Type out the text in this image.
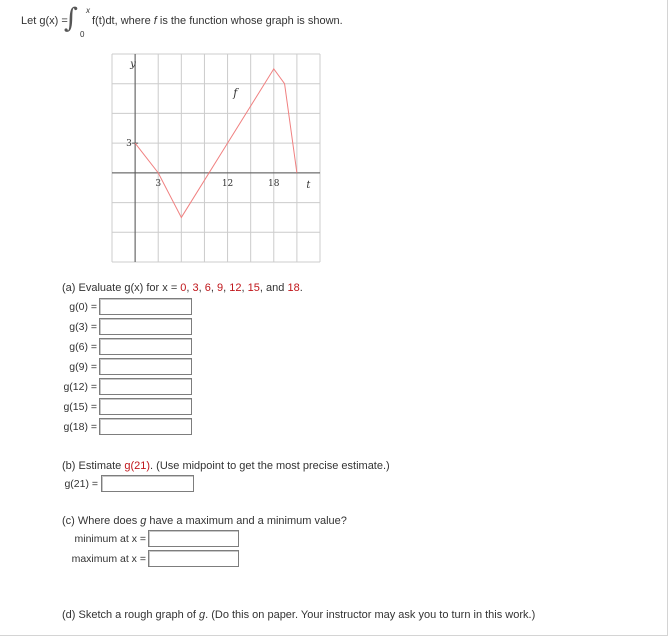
Let g(x) =
∫ x
0
f(t)dt, where f is the function whose graph is shown.
y
t
f
3
3	12	18
(a) Evaluate g(x) for x = 0, 3, 6, 9, 12, 15, and 18.
g(0) =
g(3) =
g(6) =
g(9) =
g(12) =
g(15) =
g(18) =
(b) Estimate g(21). (Use midpoint to get the most precise estimate.)
g(21) =
(c) Where does g have a maximum and a minimum value?
minimum at x =
maximum at x =
(d) Sketch a rough graph of g. (Do this on paper. Your instructor may ask you to turn in this work.)
